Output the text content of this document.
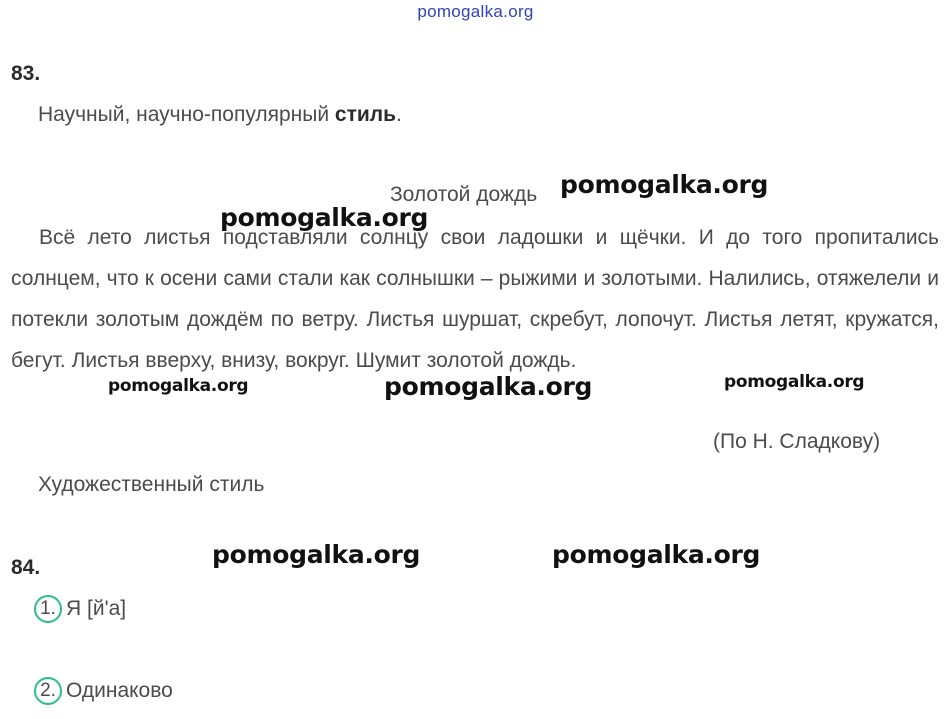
pomogalka.org
83.
Научный, научно-популярный стиль.
Золотой дождь

Всё лето листья подставляли солнцу свои ладошки и щёчки. И до того пропитались солнцем, что к осени сами стали как солнышки – рыжими и золотыми. Налились, отяжелели и потекли золотым дождём по ветру. Листья шуршат, скребут, лопочут. Листья летят, кружатся, бегут. Листья вверху, внизу, вокруг. Шумит золотой дождь.

(По Н. Сладкову)
Художественный стиль
84.
1. Я [й'а]
2. Одинаково
pomogalka.org
pomogalka.org
pomogalka.org	pomogalka.org	pomogalka.org
pomogalka.org	pomogalka.org
